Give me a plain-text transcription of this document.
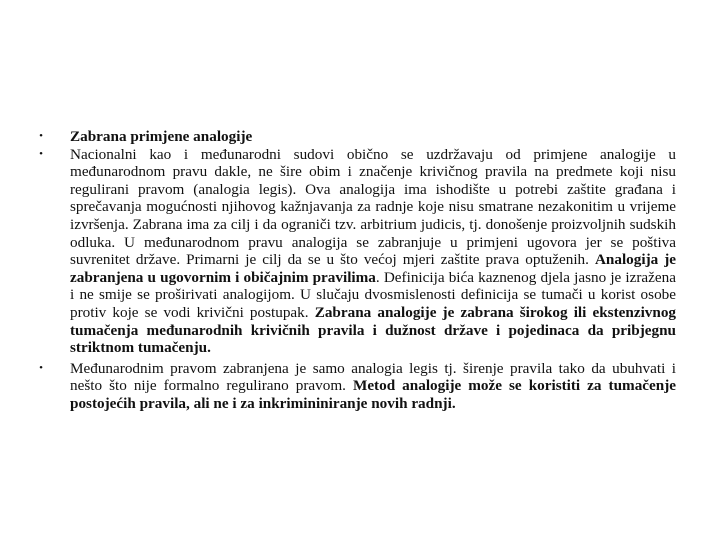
•	Zabrana primjene analogije
•	Nacionalni kao i međunarodni sudovi obično se uzdržavaju od primjene analogije u međunarodnom pravu dakle, ne šire obim i značenje krivičnog pravila na predmete koji nisu regulirani pravom (analogia legis). Ova analogija ima ishodište u potrebi zaštite građana i sprečavanja mogućnosti njihovog kažnjavanja za radnje koje nisu smatrane nezakonitim u vrijeme izvršenja. Zabrana ima za cilj i da ograniči tzv. arbitrium judicis, tj. donošenje proizvoljnih sudskih odluka. U međunarodnom pravu analogija se zabranjuje u primjeni ugovora jer se poštiva suvrenitet države. Primarni je cilj da se u što većoj mjeri zaštite prava optuženih. Analogija je zabranjena u ugovornim i običajnim pravilima. Definicija bića kaznenog djela jasno je izražena i ne smije se proširivati analogijom. U slučaju dvosmislenosti definicija se tumači u korist osobe protiv koje se vodi krivični postupak. Zabrana analogije je zabrana širokog ili ekstenzivnog tumačenja međunarodnih krivičnih pravila i dužnost države i pojedinaca da pribjegnu striktnom tumačenju.
•	Međunarodnim pravom zabranjena je samo analogia legis tj. širenje pravila tako da ubuhvati i nešto što nije formalno regulirano pravom. Metod analogije može se koristiti za tumačenje postojećih pravila, ali ne i za inkrimininiranje novih radnji.
